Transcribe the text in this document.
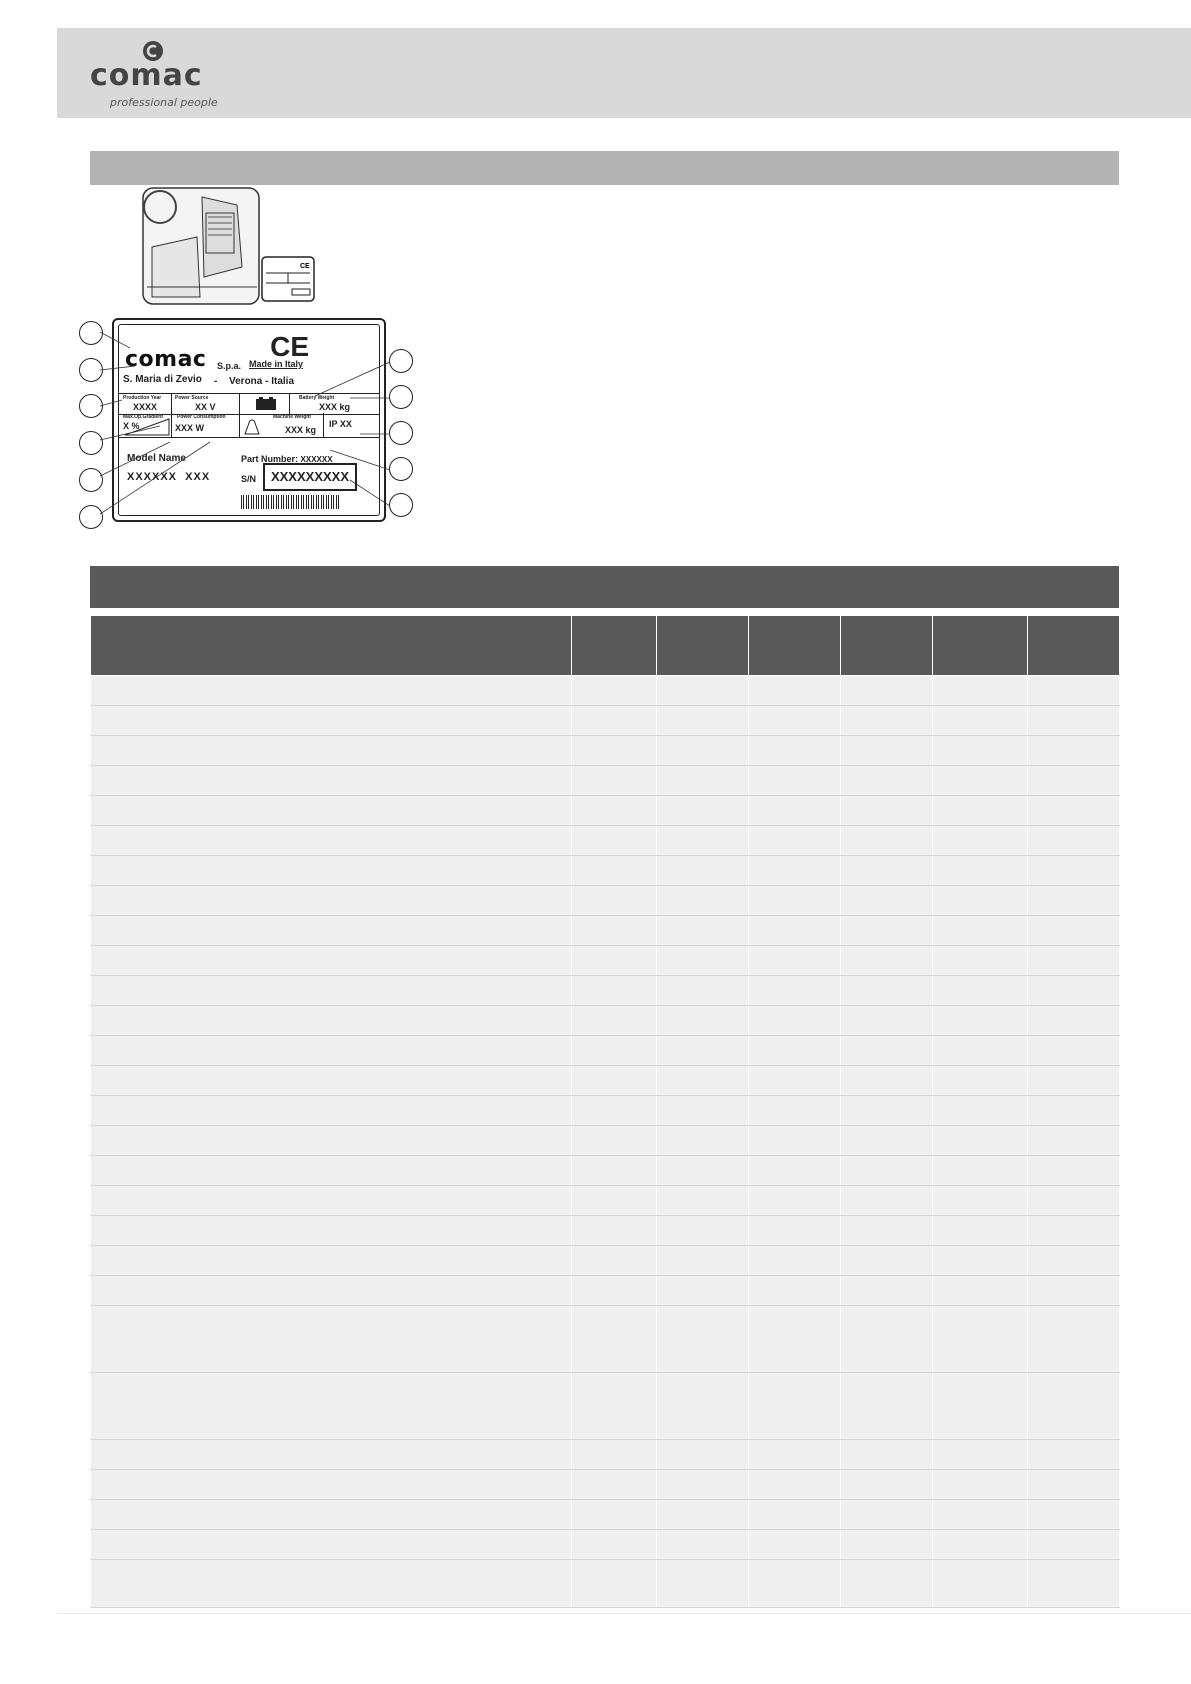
comac
professional people
CE
CE
comac S.p.a. Made in Italy
S. Maria di Zevio - Verona - Italia
Production Year
XXXX
Power Source
XX V
Battery Weight
XXX kg
Max.Op.Gradient
X %
Power Consumption
XXX W
Machine Weight
XXX kg
IP XX
Model Name
XXXXXX XXX
Part Number: XXXXXX
S/N	XXXXXXXXX
